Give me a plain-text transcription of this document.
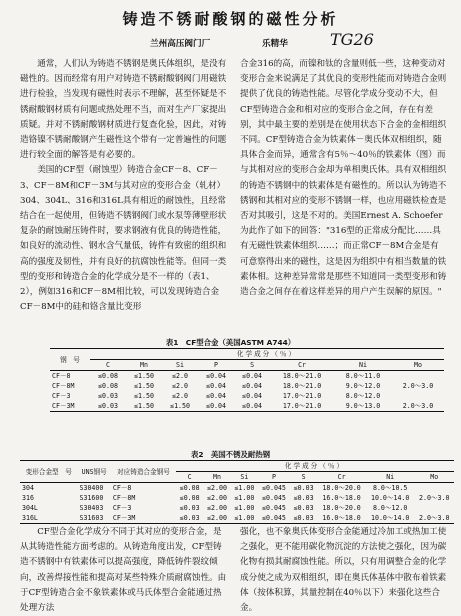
铸造不锈耐酸钢的磁性分析
兰州高压阀门厂	乐精华	TG26

通常，人们认为铸造不锈钢是奥氏体组织，是没有磁性的。因而经常有用户对铸造不锈耐酸钢阀门用磁铁进行检验，当发现有磁性时表示不理解，甚至怀疑是不锈耐酸钢材质有问题或热处理不当，而对生产厂家提出质疑。并对不锈耐酸钢材质进行复查化验，因此，对铸造铬镍不锈耐酸钢产生磁性这个带有一定普遍性的问题进行较全面的解答是有必要的。

美国的CF型（耐蚀型）铸造合金CF－8、CF－3、CF－8M和CF－3M与其对应的变形合金（轧材）304、304L、316和316L具有相近的耐蚀性，且经常结合在一起使用，但铸造不锈钢阀门或水泵等薄壁形状复杂的耐蚀耐压铸件时，要求钢液有优良的铸造性能，如良好的流动性、钢水含气量低，铸件有致密的组织和高的强度及韧性，并有良好的抗腐蚀性能等。但同一类型的变形和铸造合金的化学成分是不一样的（表1、2），例如316和CF－8M相比较，可以发现铸造合金CF－8M中的硅和铬含量比变形

合金316的高，而镍和钛的含量则低一些，这种变动对变形合金来说满足了其优良的变形性能而对铸造合金则提供了优良的铸造性能。尽管化学成分变动不大，但CF型铸造合金和相对应的变形合金之间，存在有差别，其中最主要的差别是在使用状态下合金的金相组织不同。CF型铸造合金为铁素体－奥氏体双相组织，随具体合金而异，通常含有5％～40％的铁素体（图）而与其相对应的变形合金却为单相奥氏体。具有双相组织的铸造不锈钢中的铁素体是有磁性的。所以认为铸造不锈钢和其相对应的变形不锈钢一样，也应用磁铁检查是否对其吸引，这是不对的。美国Ernest A. Schoefer 为此作了如下的回答："316型的正常成分配比……具有无磁性铁素体组织……；而正常CF－8M合金是有可意察得出来的磁性，这是因为组织中有相当数量的铁素体相。这种差异常常是那些不知道同一类型变形和铸造合金之间存在着这样差异的用户产生误解的原因。"

表1　CF型合金（美国ASTM A744）
钢　号	化学成分（％）							
	C	Mn	Si	P	S	Cr	Ni	Mo
CF－8	≤0.08	≤1.50	≤2.0	≤0.04	≤0.04	18.0～21.0	8.0～11.0	
CF－8M	≤0.08	≤1.50	≤2.0	≤0.04	≤0.04	18.0～21.0	9.0～12.0	2.0～3.0
CF－3	≤0.03	≤1.50	≤2.0	≤0.04	≤0.04	17.0～21.0	8.0～12.0	
CF－3M	≤0.03	≤1.50	≤1.50	≤0.04	≤0.04	17.0～21.0	9.0～13.0	2.0～3.0
表2　美国不锈及耐热钢
变形合金型　号	UNS钢号	对应铸造合金钢号	化学成分（％）							
			C	Mn	Si	P	S	Cr	Ni	Mo
304	S30400	CF－8	≤0.08	≤2.00	≤1.00	≤0.045	≤0.03	18.0～20.0	8.0～10.5	
316	S31600	CF－8M	≤0.08	≤2.00	≤1.00	≤0.045	≤0.03	16.0～18.0	10.0～14.0	2.0～3.0
304L	S30403	CF－3	≤0.03	≤2.00	≤1.00	≤0.045	≤0.03	18.0～20.0	8.0～12.0	
316L	S31603	CF－3M	≤0.03	≤2.00	≤1.00	≤0.045	≤0.03	16.0～18.0	10.0～14.0	2.0～3.0

CF型合金化学成分不同于其对应的变形合金，是从其铸造性能方面考虑的。从铸造角度出发，CF型铸造不锈钢中有铁素体可以提高强度，降低铸件裂纹倾向，改善焊接性能和提高对某些特殊介质耐腐蚀性。由于CF型铸造合金不象铁素体或马氏体型合金能通过热处理方法

强化，也不象奥氏体变形合金能通过冷加工或热加工使之强化，更不能用碳化物沉淀的方法使之强化，因为碳化物有损其耐腐蚀性能。所以，只有用调整合金的化学成分使之成为双相组织，即在奥氏体基体中散布着铁素体（按体积算，其量控制在40％以下）来强化这些合金。
